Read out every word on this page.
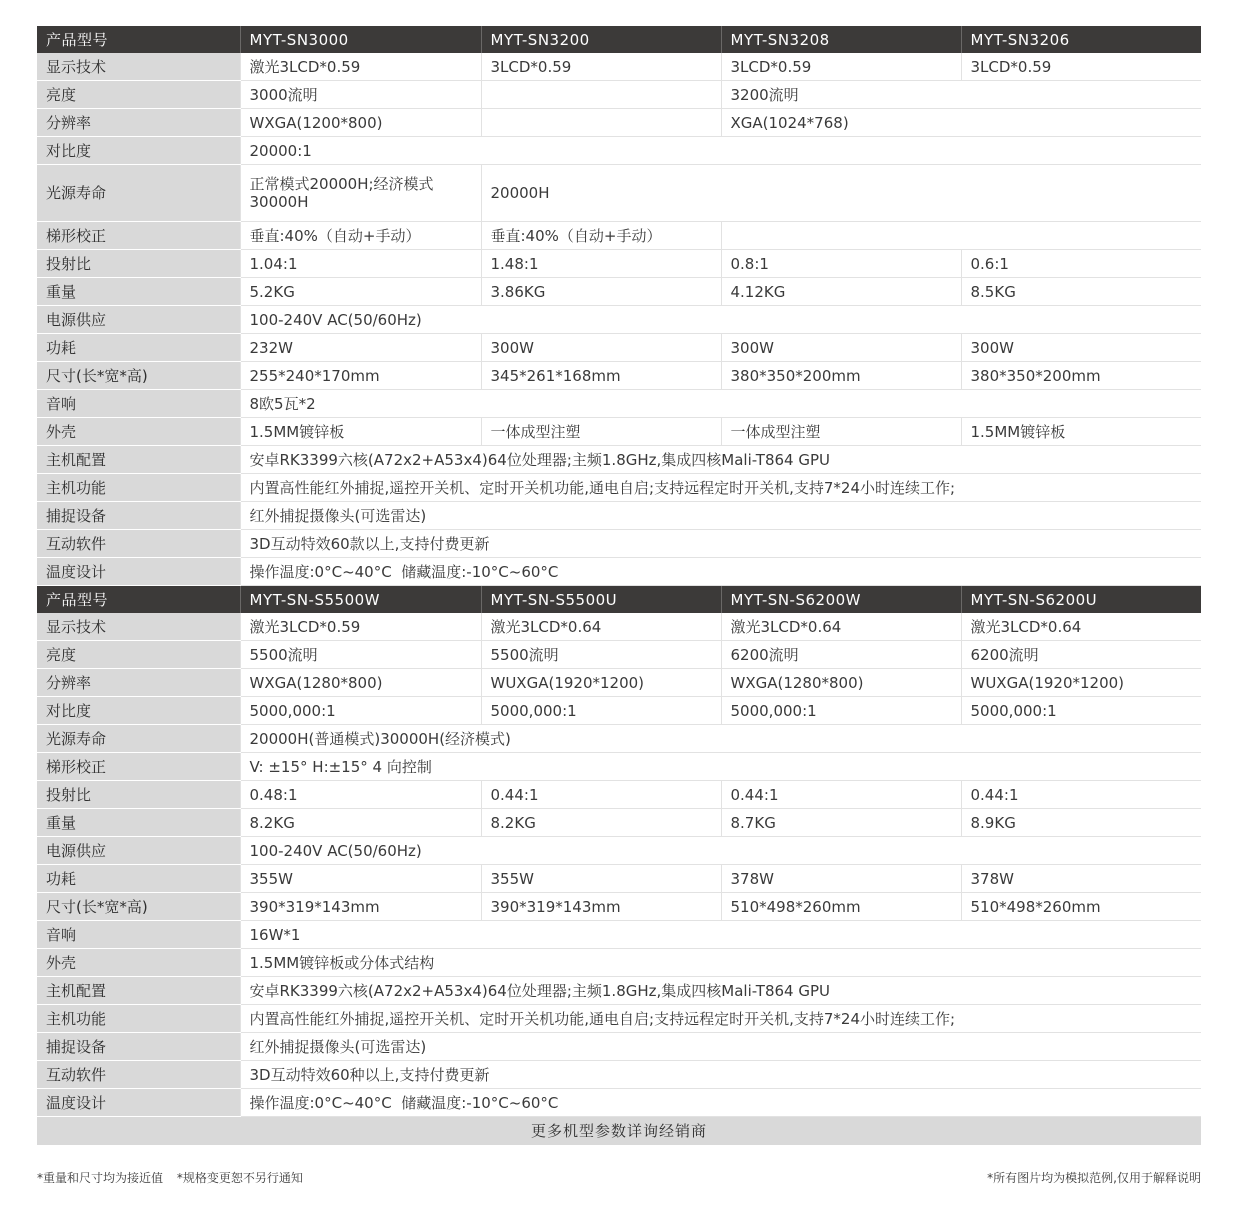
产品型号	MYT-SN3000	MYT-SN3200	MYT-SN3208	MYT-SN3206
显示技术	激光3LCD*0.59	3LCD*0.59	3LCD*0.59	3LCD*0.59
亮度	3000流明		3200流明	
分辨率	WXGA(1200*800)		XGA(1024*768)	
对比度	20000:1			
光源寿命	正常模式20000H;经济模式30000H	20000H		
梯形校正	垂直:40%（自动+手动）	垂直:40%（自动+手动）		
投射比	1.04:1	1.48:1	0.8:1	0.6:1
重量	5.2KG	3.86KG	4.12KG	8.5KG
电源供应	100-240V AC(50/60Hz)			
功耗	232W	300W	300W	300W
尺寸(长*宽*高)	255*240*170mm	345*261*168mm	380*350*200mm	380*350*200mm
音响	8欧5瓦*2			
外壳	1.5MM镀锌板	一体成型注塑	一体成型注塑	1.5MM镀锌板
主机配置	安卓RK3399六核(A72x2+A53x4)64位处理器;主频1.8GHz,集成四核Mali-T864 GPU			
主机功能	内置高性能红外捕捉,遥控开关机、定时开关机功能,通电自启;支持远程定时开关机,支持7*24小时连续工作;			
捕捉设备	红外捕捉摄像头(可选雷达)			
互动软件	3D互动特效60款以上,支持付费更新			
温度设计	操作温度:0°C~40°C  储藏温度:-10°C~60°C			
产品型号	MYT-SN-S5500W	MYT-SN-S5500U	MYT-SN-S6200W	MYT-SN-S6200U
显示技术	激光3LCD*0.59	激光3LCD*0.64	激光3LCD*0.64	激光3LCD*0.64
亮度	5500流明	5500流明	6200流明	6200流明
分辨率	WXGA(1280*800)	WUXGA(1920*1200)	WXGA(1280*800)	WUXGA(1920*1200)
对比度	5000,000:1	5000,000:1	5000,000:1	5000,000:1
光源寿命	20000H(普通模式)30000H(经济模式)			
梯形校正	V: ±15° H:±15° 4 向控制			
投射比	0.48:1	0.44:1	0.44:1	0.44:1
重量	8.2KG	8.2KG	8.7KG	8.9KG
电源供应	100-240V AC(50/60Hz)			
功耗	355W	355W	378W	378W
尺寸(长*宽*高)	390*319*143mm	390*319*143mm	510*498*260mm	510*498*260mm
音响	16W*1			
外壳	1.5MM镀锌板或分体式结构			
主机配置	安卓RK3399六核(A72x2+A53x4)64位处理器;主频1.8GHz,集成四核Mali-T864 GPU			
主机功能	内置高性能红外捕捉,遥控开关机、定时开关机功能,通电自启;支持远程定时开关机,支持7*24小时连续工作;			
捕捉设备	红外捕捉摄像头(可选雷达)			
互动软件	3D互动特效60种以上,支持付费更新			
温度设计	操作温度:0°C~40°C  储藏温度:-10°C~60°C			
更多机型参数详询经销商
*重量和尺寸均为接近值 *规格变更恕不另行通知	*所有图片均为模拟范例,仅用于解释说明
